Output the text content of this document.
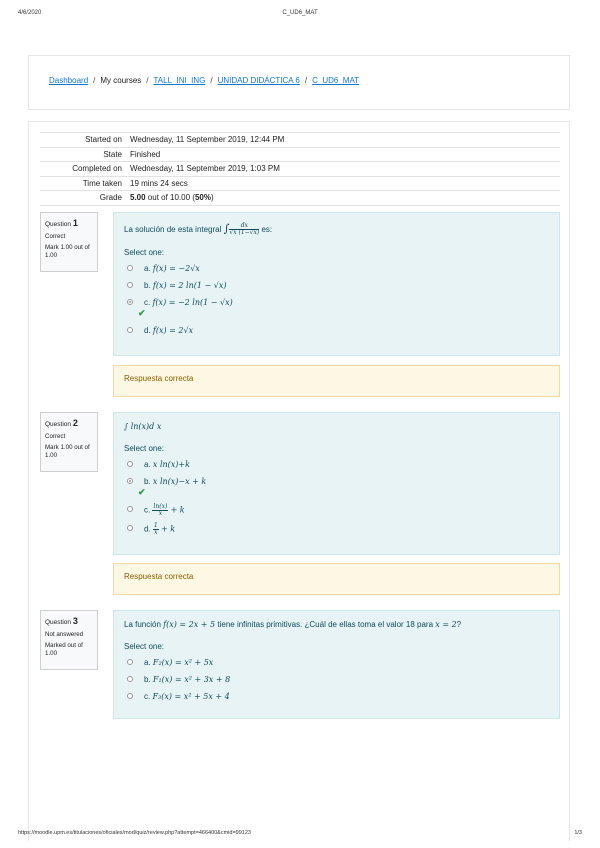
4/6/2020	C_UD6_MAT
Dashboard / My courses / TALL_INI_ING / UNIDAD DIDÁCTICA 6 / C_UD6_MAT
Started on	Wednesday, 11 September 2019, 12:44 PM
State	Finished
Completed on	Wednesday, 11 September 2019, 1:03 PM
Time taken	19 mins 24 secs
Grade	5.00 out of 10.00 (50%)
Question 1
Correct
Mark 1.00 out of 1.00
La solución de esta integral ∫ $\frac{dx}{√x (1-√x)}$ es:
Select one:
a. f(x) = −2√x
b. f(x) = 2 ln(1 − √x)
c. f(x) = −2 ln(1 − √x)
✔
d. f(x) = 2√x
Respuesta correcta
Question 2
Correct
Mark 1.00 out of 1.00
∫ ln(x)d x
Select one:
a. x ln(x)+k
b. x ln(x)−x + k
✔
c. $\frac{\ln(x)}{x} + k$
d. $\frac{1}{x} + k$
Respuesta correcta
Question 3
Not answered
Marked out of 1.00
La función f(x) = 2x + 5 tiene infinitas primitivas. ¿Cuál de ellas toma el valor 18 para x = 2?
Select one:
a. F₂(x) = x² + 5x
b. F₁(x) = x² + 3x + 8
c. F₃(x) = x² + 5x + 4
https://moodle.upm.es/titulaciones/oficiales/mod/quiz/review.php?attempt=466400&cmid=99123	1/3
